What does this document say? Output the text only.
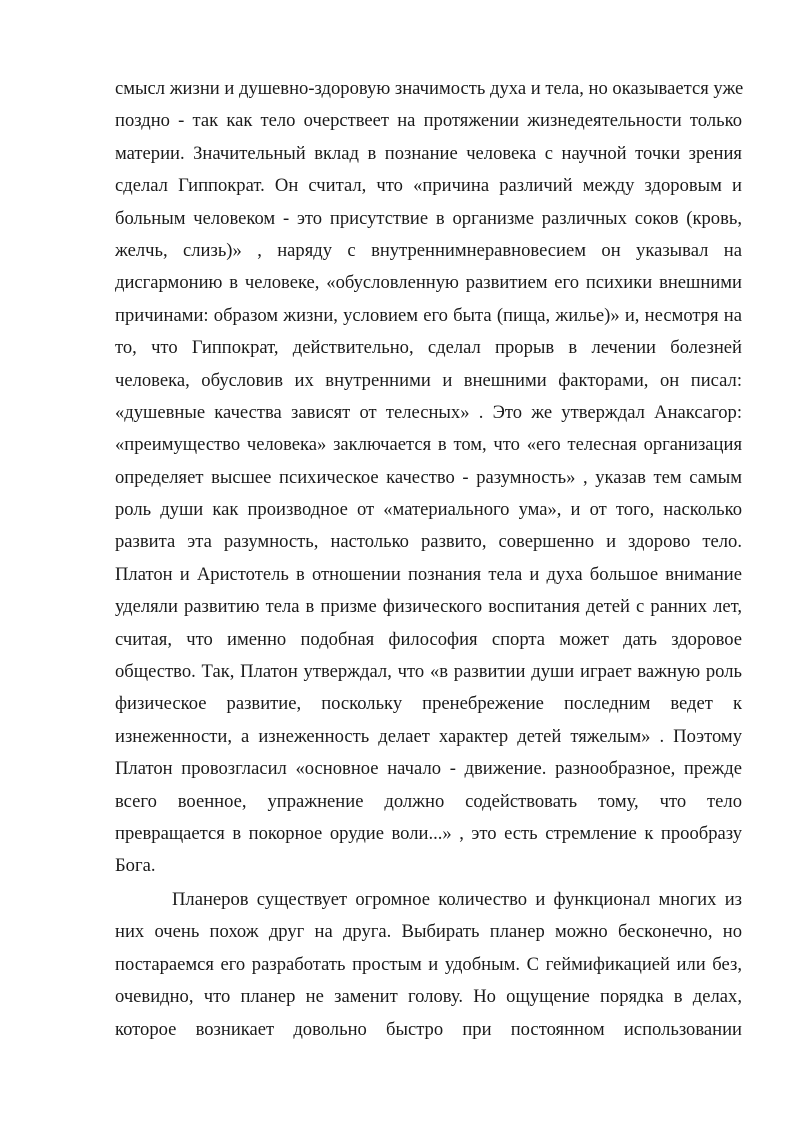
смысл жизни и душевно-здоровую значимость духа и тела, но оказывается уже
поздно - так как тело очерствеет на протяжении жизнедеятельности только
материи. Значительный вклад в познание человека с научной точки зрения
сделал Гиппократ. Он считал, что «причина различий между здоровым и
больным человеком - это присутствие в организме различных соков (кровь,
желчь, слизь)» , наряду с внутреннимнеравновесием он указывал на
дисгармонию в человеке, «обусловленную развитием его психики внешними
причинами: образом жизни, условием его быта (пища, жилье)» и, несмотря на
то, что Гиппократ, действительно, сделал прорыв в лечении болезней
человека, обусловив их внутренними и внешними факторами, он писал:
«душевные качества зависят от телесных» . Это же утверждал Анаксагор:
«преимущество человека» заключается в том, что «его телесная организация
определяет высшее психическое качество - разумность» , указав тем самым
роль души как производное от «материального ума», и от того, насколько
развита эта разумность, настолько развито, совершенно и здорово тело.
Платон и Аристотель в отношении познания тела и духа большое внимание
уделяли развитию тела в призме физического воспитания детей с ранних лет,
считая, что именно подобная философия спорта может дать здоровое
общество. Так, Платон утверждал, что «в развитии души играет важную роль
физическое развитие, поскольку пренебрежение последним ведет к
изнеженности, а изнеженность делает характер детей тяжелым» . Поэтому
Платон провозгласил «основное начало - движение. разнообразное, прежде
всего военное, упражнение должно содействовать тому, что тело
превращается в покорное орудие воли...» , это есть стремление к прообразу
Бога.
Планеров существует огромное количество и функционал многих из
них очень похож друг на друга. Выбирать планер можно бесконечно, но
постараемся его разработать простым и удобным. С геймификацией или без,
очевидно, что планер не заменит голову. Но ощущение порядка в делах,
которое возникает довольно быстро при постоянном использовании
